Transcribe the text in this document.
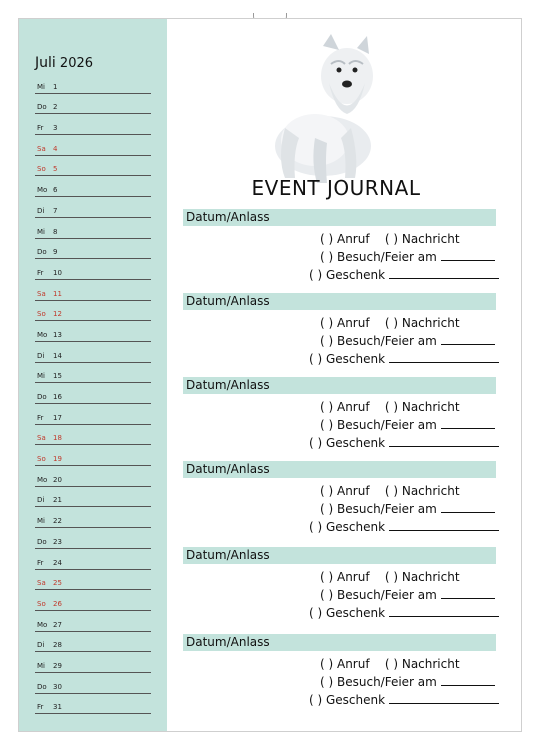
Juli 2026
Mi 1
Do 2
Fr 3
Sa 4
So 5
Mo 6
Di 7
Mi 8
Do 9
Fr 10
Sa 11
So 12
Mo 13
Di 14
Mi 15
Do 16
Fr 17
Sa 18
So 19
Mo 20
Di 21
Mi 22
Do 23
Fr 24
Sa 25
So 26
Mo 27
Di 28
Mi 29
Do 30
Fr 31
EVENT JOURNAL
Datum/Anlass
( ) Anruf ( ) Nachricht
( ) Besuch/Feier am
( ) Geschenk
Datum/Anlass
( ) Anruf ( ) Nachricht
( ) Besuch/Feier am
( ) Geschenk
Datum/Anlass
( ) Anruf ( ) Nachricht
( ) Besuch/Feier am
( ) Geschenk
Datum/Anlass
( ) Anruf ( ) Nachricht
( ) Besuch/Feier am
( ) Geschenk
Datum/Anlass
( ) Anruf ( ) Nachricht
( ) Besuch/Feier am
( ) Geschenk
Datum/Anlass
( ) Anruf ( ) Nachricht
( ) Besuch/Feier am
( ) Geschenk
